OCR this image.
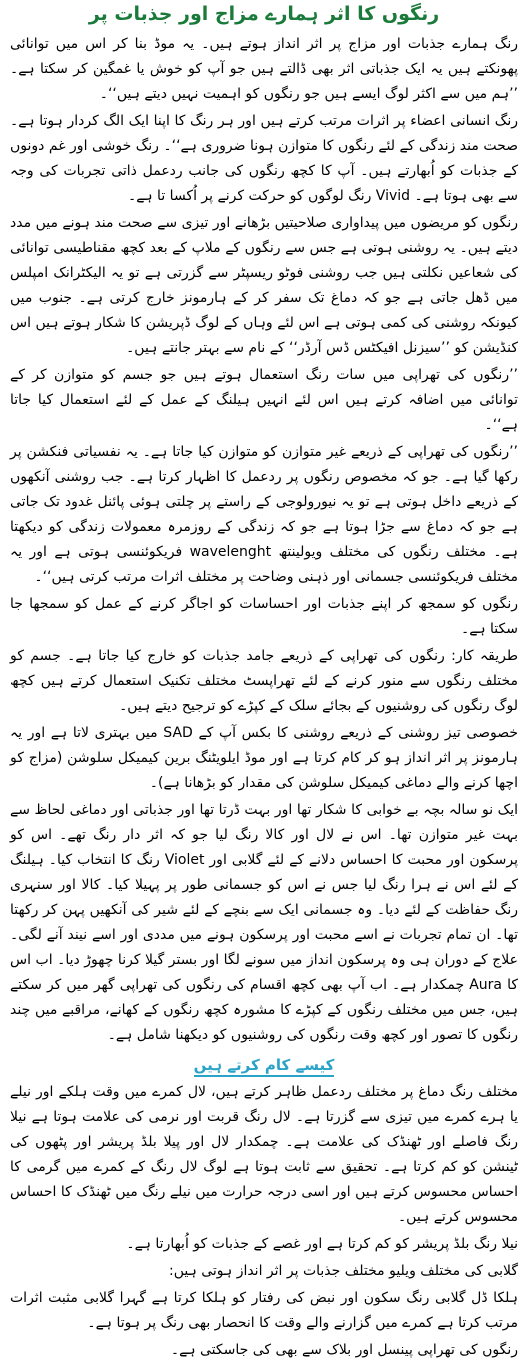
رنگوں کا اثر ہمارے مزاج اور جذبات پر

رنگ ہمارے جذبات اور مزاج پر اثر انداز ہوتے ہیں۔ یہ موڈ بنا کر اس میں توانائی پھونکتے ہیں یہ ایک جذباتی اثر بھی ڈالتے ہیں جو آپ کو خوش یا غمگین کر سکتا ہے۔ ’’ہم میں سے اکثر لوگ ایسے ہیں جو رنگوں کو اہمیت نہیں دیتے ہیں‘‘۔

رنگ انسانی اعضاء پر اثرات مرتب کرتے ہیں اور ہر رنگ کا اپنا ایک الگ کردار ہوتا ہے۔ صحت مند زندگی کے لئے رنگوں کا متوازن ہونا ضروری ہے‘‘۔ رنگ خوشی اور غم دونوں کے جذبات کو اُبھارتے ہیں۔ آپ کا کچھ رنگوں کی جانب ردعمل ذاتی تجربات کی وجہ سے بھی ہوتا ہے۔ Vivid رنگ لوگوں کو حرکت کرنے پر اُکسا تا ہے۔

رنگوں کو مریضوں میں پیداواری صلاحیتیں بڑھانے اور تیزی سے صحت مند ہونے میں مدد دیتے ہیں۔ یہ روشنی ہوتی ہے جس سے رنگوں کے ملاپ کے بعد کچھ مقناطیسی توانائی کی شعاعیں نکلتی ہیں جب روشنی فوٹو ریسپٹر سے گزرتی ہے تو یہ الیکٹرانک امپلس میں ڈھل جاتی ہے جو کہ دماغ تک سفر کر کے ہارمونز خارج کرتی ہے۔ جنوب میں کیونکہ روشنی کی کمی ہوتی ہے اس لئے وہاں کے لوگ ڈپریشن کا شکار ہوتے ہیں اس کنڈیشن کو ’’سیزنل افیکٹس ڈس آرڈر‘‘ کے نام سے بہتر جانتے ہیں۔

’’رنگوں کی تھراپی میں سات رنگ استعمال ہوتے ہیں جو جسم کو متوازن کر کے توانائی میں اضافہ کرتے ہیں اس لئے انہیں ہیلنگ کے عمل کے لئے استعمال کیا جاتا ہے‘‘۔

’’رنگوں کی تھراپی کے ذریعے غیر متوازن کو متوازن کیا جاتا ہے۔ یہ نفسیاتی فنکشن پر رکھا گیا ہے۔ جو کہ مخصوص رنگوں پر ردعمل کا اظہار کرتا ہے۔ جب روشنی آنکھوں کے ذریعے داخل ہوتی ہے تو یہ نیورولوجی کے راستے پر چلتی ہوئی پائنل غدود تک جاتی ہے جو کہ دماغ سے جڑا ہوتا ہے جو کہ زندگی کے روزمرہ معمولات زندگی کو دیکھتا ہے۔ مختلف رنگوں کی مختلف ویولینتھ wavelenght فریکوئنسی ہوتی ہے اور یہ مختلف فریکوئنسی جسمانی اور ذہنی وضاحت پر مختلف اثرات مرتب کرتی ہیں‘‘۔

رنگوں کو سمجھ کر اپنے جذبات اور احساسات کو اجاگر کرنے کے عمل کو سمجھا جا سکتا ہے۔

طریقہ کار: رنگوں کی تھراپی کے ذریعے جامد جذبات کو خارج کیا جاتا ہے۔ جسم کو مختلف رنگوں سے منور کرنے کے لئے تھراپسٹ مختلف تکنیک استعمال کرتے ہیں کچھ لوگ رنگوں کی روشنیوں کے بجائے سلک کے کپڑے کو ترجیح دیتے ہیں۔

خصوصی تیز روشنی کے ذریعے روشنی کا بکس آپ کے SAD میں بہتری لاتا ہے اور یہ ہارمونز پر اثر انداز ہو کر کام کرتا ہے اور موڈ ایلویٹنگ برین کیمیکل سلوشن (مزاج کو اچھا کرنے والے دماغی کیمیکل سلوشن کی مقدار کو بڑھانا ہے)۔

ایک نو سالہ بچہ بے خوابی کا شکار تھا اور بہت ڈرتا تھا اور جذباتی اور دماغی لحاظ سے بہت غیر متوازن تھا۔ اس نے لال اور کالا رنگ لیا جو کہ اثر دار رنگ تھے۔ اس کو پرسکون اور محبت کا احساس دلانے کے لئے گلابی اور Violet رنگ کا انتخاب کیا۔ ہیلنگ کے لئے اس نے ہرا رنگ لیا جس نے اس کو جسمانی طور پر پہیلا کیا۔ کالا اور سنہری رنگ حفاظت کے لئے دیا۔ وہ جسمانی ایک سے بنچے کے لئے شیر کی آنکھیں پہن کر رکھتا تھا۔ ان تمام تجربات نے اسے محبت اور پرسکون ہونے میں مددی اور اسے نیند آنے لگی۔ علاج کے دوران ہی وہ پرسکون انداز میں سونے لگا اور بستر گیلا کرنا چھوڑ دیا۔ اب اس کا Aura چمکدار ہے۔ اب آپ بھی کچھ اقسام کی رنگوں کی تھراپی گھر میں کر سکتے ہیں، جس میں مختلف رنگوں کے کپڑے کا مشورہ کچھ رنگوں کے کھانے، مراقبے میں چند رنگوں کا تصور اور کچھ وقت رنگوں کی روشنیوں کو دیکھنا شامل ہے۔

کیسے کام کرتے ہیں

مختلف رنگ دماغ پر مختلف ردعمل ظاہر کرتے ہیں، لال کمرے میں وقت ہلکے اور نیلے یا ہرے کمرے میں تیزی سے گزرتا ہے۔ لال رنگ قربت اور نرمی کی علامت ہوتا ہے نیلا رنگ فاصلے اور ٹھنڈک کی علامت ہے۔ چمکدار لال اور پیلا بلڈ پریشر اور پٹھوں کی ٹینشن کو کم کرتا ہے۔ تحقیق سے ثابت ہوتا ہے لوگ لال رنگ کے کمرے میں گرمی کا احساس محسوس کرتے ہیں اور اسی درجہ حرارت میں نیلے رنگ میں ٹھنڈک کا احساس محسوس کرتے ہیں۔

نیلا رنگ بلڈ پریشر کو کم کرتا ہے اور غصے کے جذبات کو اُبھارتا ہے۔

گلابی کی مختلف ویلیو مختلف جذبات پر اثر انداز ہوتی ہیں:

ہلکا ڈل گلابی رنگ سکون اور نبض کی رفتار کو ہلکا کرتا ہے گہرا گلابی مثبت اثرات مرتب کرتا ہے کمرے میں گزارنے والے وقت کا انحصار بھی رنگ پر ہوتا ہے۔

رنگوں کی تھراپی پینسل اور بلاک سے بھی کی جاسکتی ہے۔
